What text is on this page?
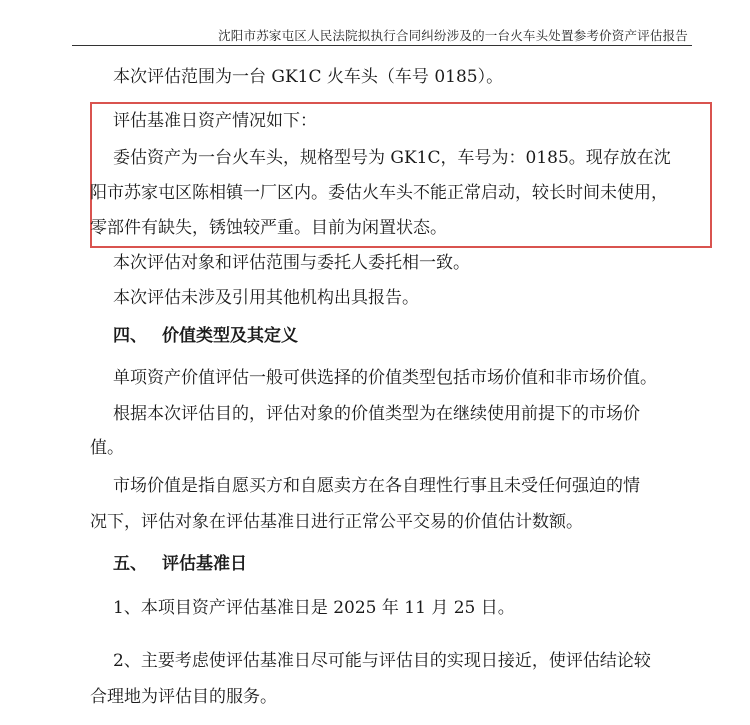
沈阳市苏家屯区人民法院拟执行合同纠纷涉及的一台火车头处置参考价资产评估报告
本次评估范围为一台 GK1C 火车头（车号 0185）。
评估基准日资产情况如下：
委估资产为一台火车头，规格型号为 GK1C，车号为：0185。现存放在沈
阳市苏家屯区陈相镇一厂区内。委估火车头不能正常启动，较长时间未使用，
零部件有缺失，锈蚀较严重。目前为闲置状态。
本次评估对象和评估范围与委托人委托相一致。
本次评估未涉及引用其他机构出具报告。
四、 价值类型及其定义
单项资产价值评估一般可供选择的价值类型包括市场价值和非市场价值。
根据本次评估目的，评估对象的价值类型为在继续使用前提下的市场价
值。
市场价值是指自愿买方和自愿卖方在各自理性行事且未受任何强迫的情
况下，评估对象在评估基准日进行正常公平交易的价值估计数额。
五、 评估基准日
1、本项目资产评估基准日是 2025 年 11 月 25 日。
2、主要考虑使评估基准日尽可能与评估目的实现日接近，使评估结论较
合理地为评估目的服务。
